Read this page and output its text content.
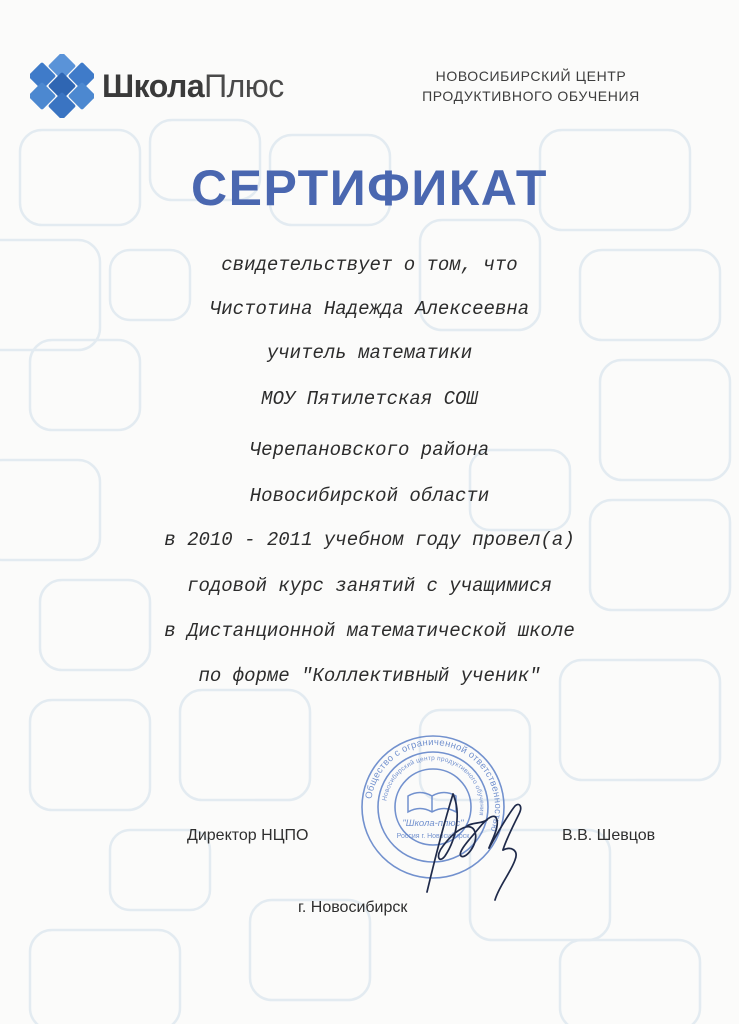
ШколаПлюс	НОВОСИБИРСКИЙ ЦЕНТР
ПРОДУКТИВНОГО ОБУЧЕНИЯ
СЕРТИФИКАТ
свидетельствует о том, что
Чистотина Надежда Алексеевна
учитель математики
МОУ Пятилетская СОШ
Черепановского района
Новосибирской области
в 2010 - 2011 учебном году провел(а)
годовой курс занятий с учащимися
в Дистанционной математической школе
по форме "Коллективный ученик"
Общество с ограниченной ответственностью
Новосибирский центр продуктивного обучения
"Школа-плюс"
Россия г. Новосибирск
Директор НЦПО	В.В. Шевцов
г. Новосибирск
